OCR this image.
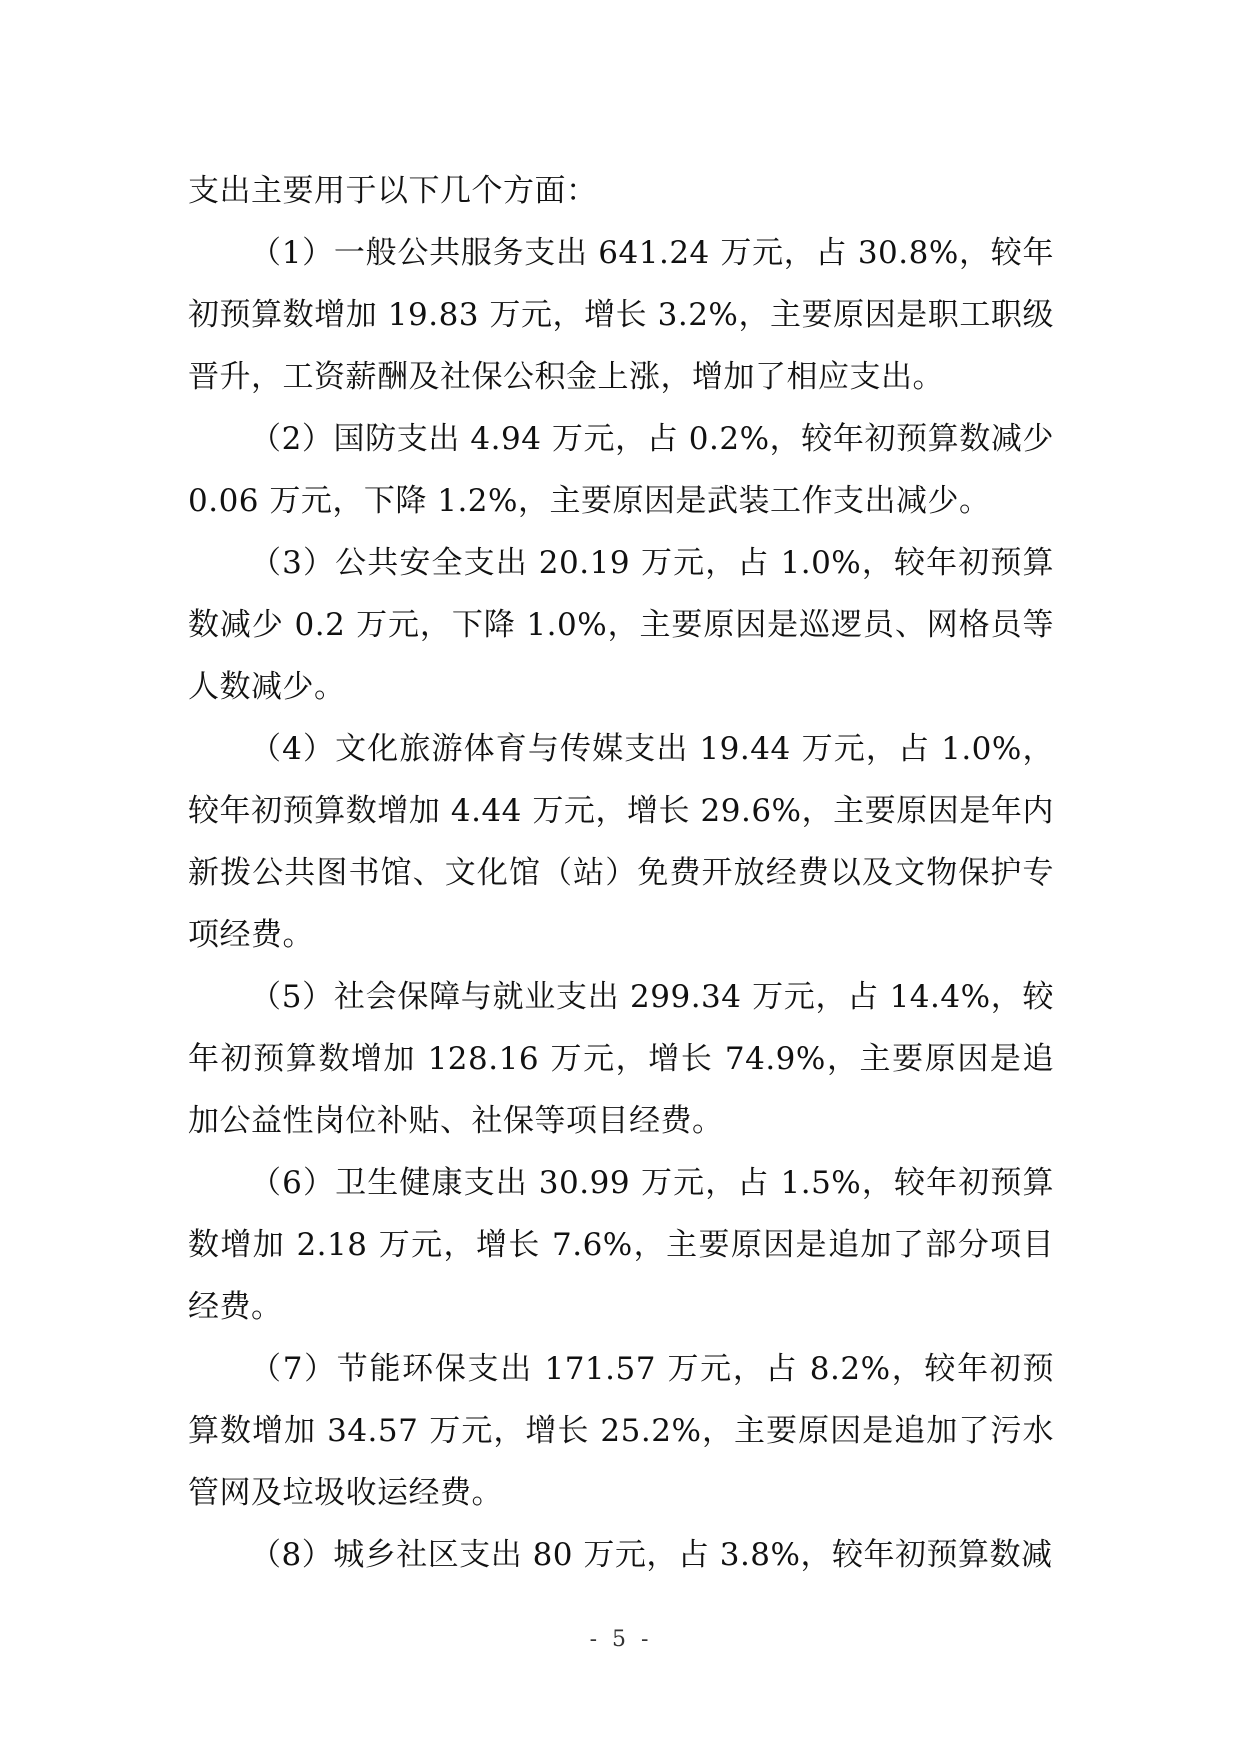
支出主要用于以下几个方面：

（1）一般公共服务支出 641.24 万元，占 30.8%，较年初预算数增加 19.83 万元，增长 3.2%，主要原因是职工职级晋升，工资薪酬及社保公积金上涨，增加了相应支出。

（2）国防支出 4.94 万元，占 0.2%，较年初预算数减少 0.06 万元，下降 1.2%，主要原因是武装工作支出减少。

（3）公共安全支出 20.19 万元，占 1.0%，较年初预算数减少 0.2 万元，下降 1.0%，主要原因是巡逻员、网格员等人数减少。

（4）文化旅游体育与传媒支出 19.44 万元，占 1.0%，较年初预算数增加 4.44 万元，增长 29.6%，主要原因是年内新拨公共图书馆、文化馆（站）免费开放经费以及文物保护专项经费。

（5）社会保障与就业支出 299.34 万元，占 14.4%，较年初预算数增加 128.16 万元，增长 74.9%，主要原因是追加公益性岗位补贴、社保等项目经费。

（6）卫生健康支出 30.99 万元，占 1.5%，较年初预算数增加 2.18 万元，增长 7.6%，主要原因是追加了部分项目经费。

（7）节能环保支出 171.57 万元，占 8.2%，较年初预算数增加 34.57 万元，增长 25.2%，主要原因是追加了污水管网及垃圾收运经费。

（8）城乡社区支出 80 万元，占 3.8%，较年初预算数减

- 5 -
